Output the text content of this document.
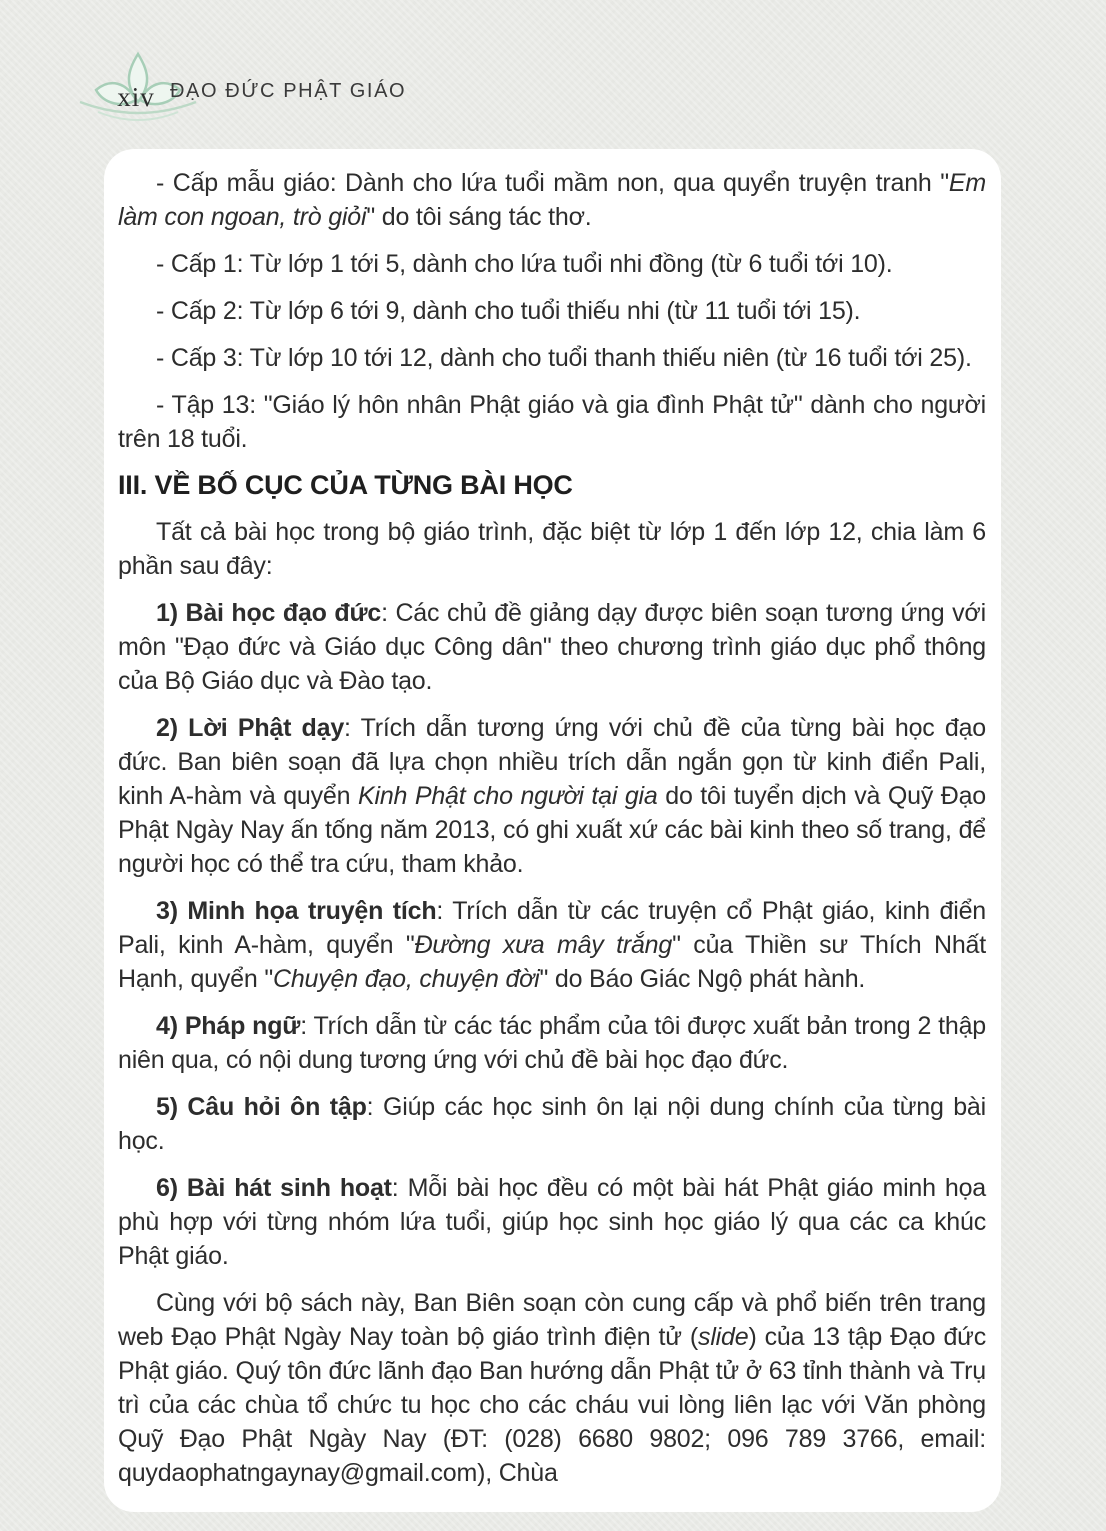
xiv ĐẠO ĐỨC PHẬT GIÁO

- Cấp mẫu giáo: Dành cho lứa tuổi mầm non, qua quyển truyện tranh "Em làm con ngoan, trò giỏi" do tôi sáng tác thơ.

- Cấp 1: Từ lớp 1 tới 5, dành cho lứa tuổi nhi đồng (từ 6 tuổi tới 10).

- Cấp 2: Từ lớp 6 tới 9, dành cho tuổi thiếu nhi (từ 11 tuổi tới 15).

- Cấp 3: Từ lớp 10 tới 12, dành cho tuổi thanh thiếu niên (từ 16 tuổi tới 25).

- Tập 13: "Giáo lý hôn nhân Phật giáo và gia đình Phật tử" dành cho người trên 18 tuổi.

III. VỀ BỐ CỤC CỦA TỪNG BÀI HỌC

Tất cả bài học trong bộ giáo trình, đặc biệt từ lớp 1 đến lớp 12, chia làm 6 phần sau đây:

1) Bài học đạo đức: Các chủ đề giảng dạy được biên soạn tương ứng với môn "Đạo đức và Giáo dục Công dân" theo chương trình giáo dục phổ thông của Bộ Giáo dục và Đào tạo.

2) Lời Phật dạy: Trích dẫn tương ứng với chủ đề của từng bài học đạo đức. Ban biên soạn đã lựa chọn nhiều trích dẫn ngắn gọn từ kinh điển Pali, kinh A-hàm và quyển Kinh Phật cho người tại gia do tôi tuyển dịch và Quỹ Đạo Phật Ngày Nay ấn tống năm 2013, có ghi xuất xứ các bài kinh theo số trang, để người học có thể tra cứu, tham khảo.

3) Minh họa truyện tích: Trích dẫn từ các truyện cổ Phật giáo, kinh điển Pali, kinh A-hàm, quyển "Đường xưa mây trắng" của Thiền sư Thích Nhất Hạnh, quyển "Chuyện đạo, chuyện đời" do Báo Giác Ngộ phát hành.

4) Pháp ngữ: Trích dẫn từ các tác phẩm của tôi được xuất bản trong 2 thập niên qua, có nội dung tương ứng với chủ đề bài học đạo đức.

5) Câu hỏi ôn tập: Giúp các học sinh ôn lại nội dung chính của từng bài học.

6) Bài hát sinh hoạt: Mỗi bài học đều có một bài hát Phật giáo minh họa phù hợp với từng nhóm lứa tuổi, giúp học sinh học giáo lý qua các ca khúc Phật giáo.

Cùng với bộ sách này, Ban Biên soạn còn cung cấp và phổ biến trên trang web Đạo Phật Ngày Nay toàn bộ giáo trình điện tử (slide) của 13 tập Đạo đức Phật giáo. Quý tôn đức lãnh đạo Ban hướng dẫn Phật tử ở 63 tỉnh thành và Trụ trì của các chùa tổ chức tu học cho các cháu vui lòng liên lạc với Văn phòng Quỹ Đạo Phật Ngày Nay (ĐT: (028) 6680 9802; 096 789 3766, email: quydaophatngaynay@gmail.com), Chùa
